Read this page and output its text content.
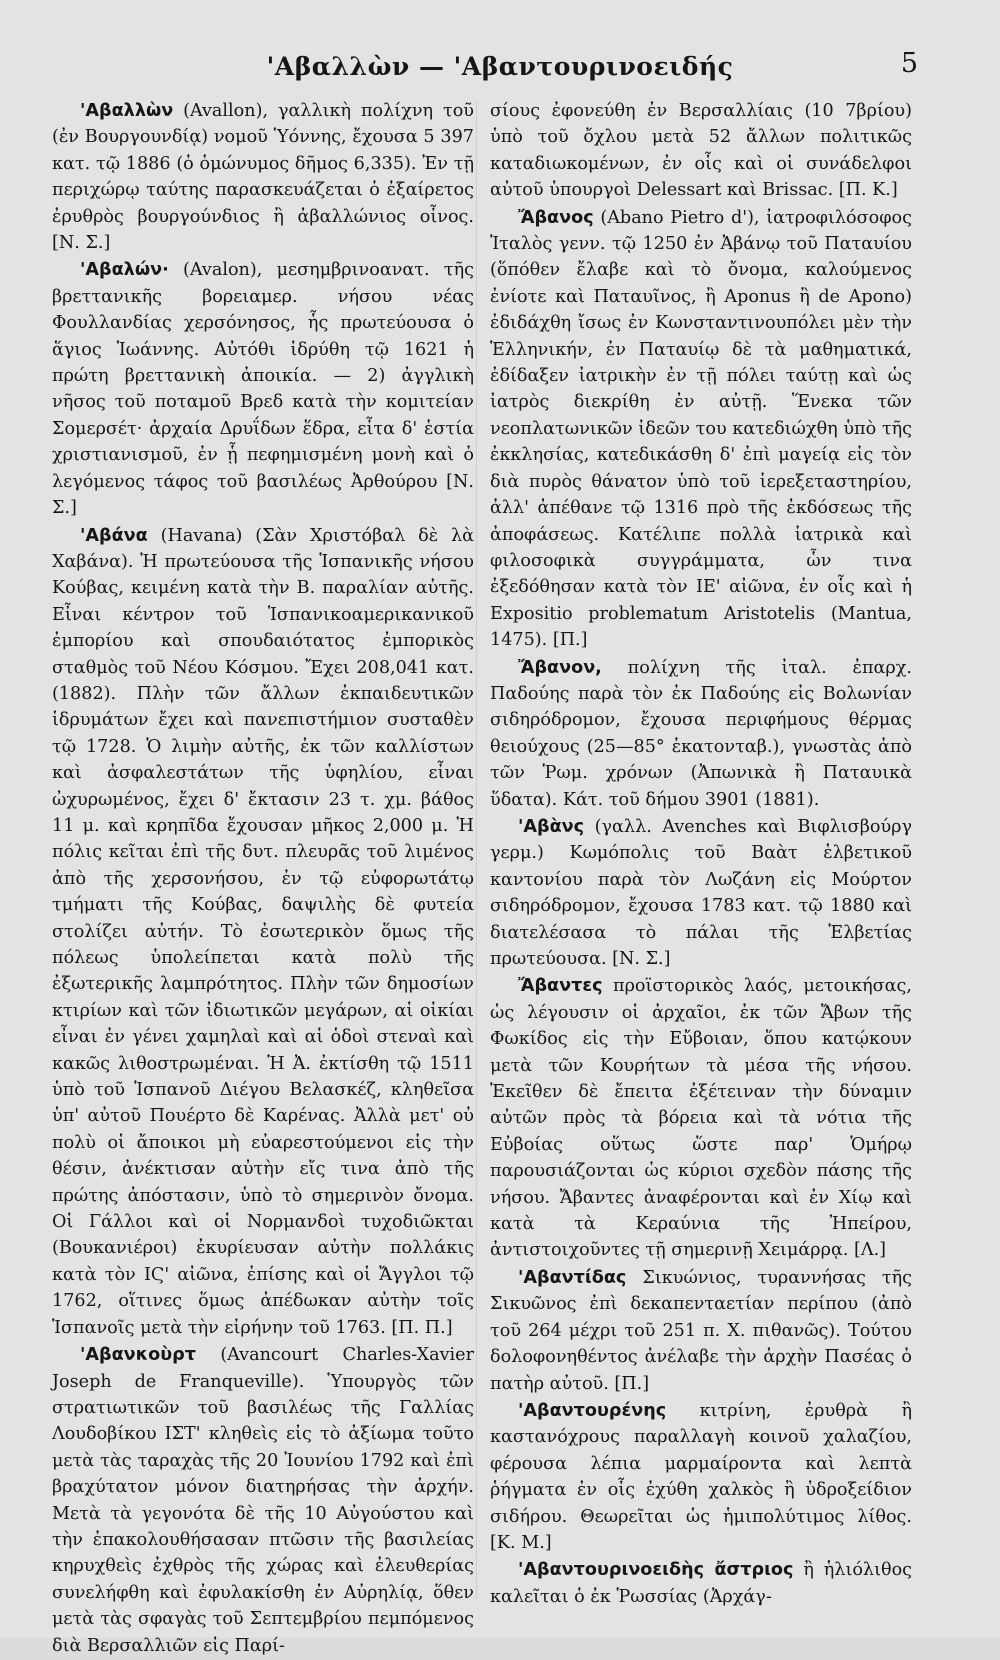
'Αβαλλὼν — 'Αβαντουρινοειδής	5

'Αβαλλὼν (Avallon), γαλλικὴ πολίχνη τοῦ (ἐν Βουργουνδίᾳ) νομοῦ Ὑόννης, ἔχουσα 5 397 κατ. τῷ 1886 (ὁ ὁμώνυμος δῆμος 6,335). Ἐν τῇ περιχώρῳ ταύτης παρασκευάζεται ὁ ἐξαίρετος ἐρυθρὸς βουργούνδιος ἢ ἀβαλλώνιος οἶνος. [Ν. Σ.]

'Αβαλών· (Avalon), μεσημβρινοανατ. τῆς βρεττανικῆς βορειαμερ. νήσου νέας Φουλλανδίας χερσόνησος, ἧς πρωτεύουσα ὁ ἅγιος Ἰωάννης. Αὐτόθι ἱδρύθη τῷ 1621 ἡ πρώτη βρεττανικὴ ἀποικία. — 2) ἀγγλικὴ νῆσος τοῦ ποταμοῦ Βρεδ κατὰ τὴν κομιτείαν Σομερσέτ· ἀρχαία Δρυΐδων ἕδρα, εἶτα δ' ἑστία χριστιανισμοῦ, ἐν ᾗ πεφημισμένη μονὴ καὶ ὁ λεγόμενος τάφος τοῦ βασιλέως Ἀρθούρου [Ν. Σ.]

'Αβάνα (Havana) (Σὰν Χριστόβαλ δὲ λὰ Χαβάνα). Ἡ πρωτεύουσα τῆς Ἱσπανικῆς νήσου Κούβας, κειμένη κατὰ τὴν Β. παραλίαν αὐτῆς. Εἶναι κέντρον τοῦ Ἱσπανικοαμερικανικοῦ ἐμπορίου καὶ σπουδαιότατος ἐμπορικὸς σταθμὸς τοῦ Νέου Κόσμου. Ἔχει 208,041 κατ. (1882). Πλὴν τῶν ἄλλων ἐκπαιδευτικῶν ἱδρυμάτων ἔχει καὶ πανεπιστήμιον συσταθὲν τῷ 1728. Ὁ λιμὴν αὐτῆς, ἐκ τῶν καλλίστων καὶ ἀσφαλεστάτων τῆς ὑφηλίου, εἶναι ὠχυρωμένος, ἔχει δ' ἔκτασιν 23 τ. χμ. βάθος 11 μ. καὶ κρηπῖδα ἔχουσαν μῆκος 2,000 μ. Ἡ πόλις κεῖται ἐπὶ τῆς δυτ. πλευρᾶς τοῦ λιμένος ἀπὸ τῆς χερσονήσου, ἐν τῷ εὐφορωτάτῳ τμήματι τῆς Κούβας, δαψιλὴς δὲ φυτεία στολίζει αὐτήν. Τὸ ἐσωτερικὸν ὅμως τῆς πόλεως ὑπολείπεται κατὰ πολὺ τῆς ἐξωτερικῆς λαμπρότητος. Πλὴν τῶν δημοσίων κτιρίων καὶ τῶν ἰδιωτικῶν μεγάρων, αἱ οἰκίαι εἶναι ἐν γένει χαμηλαὶ καὶ αἱ ὁδοὶ στεναὶ καὶ κακῶς λιθοστρωμέναι. Ἡ Ἀ. ἐκτίσθη τῷ 1511 ὑπὸ τοῦ Ἱσπανοῦ Διέγου Βελασκέζ, κληθεῖσα ὑπ' αὐτοῦ Πουέρτο δὲ Καρένας. Ἀλλὰ μετ' οὐ πολὺ οἱ ἄποικοι μὴ εὐαρεστούμενοι εἰς τὴν θέσιν, ἀνέκτισαν αὐτὴν εἴς τινα ἀπὸ τῆς πρώτης ἀπόστασιν, ὑπὸ τὸ σημερινὸν ὄνομα. Οἱ Γάλλοι καὶ οἱ Νορμανδοὶ τυχοδιῶκται (Βουκανιέροι) ἐκυρίευσαν αὐτὴν πολλάκις κατὰ τὸν ΙϚ' αἰῶνα, ἐπίσης καὶ οἱ Ἄγγλοι τῷ 1762, οἵτινες ὅμως ἀπέδωκαν αὐτὴν τοῖς Ἱσπανοῖς μετὰ τὴν εἰρήνην τοῦ 1763. [Π. Π.]

'Αβανκοὺρτ (Avancourt Charles-Xavier Joseph de Franqueville). Ὑπουργὸς τῶν στρατιωτικῶν τοῦ βασιλέως τῆς Γαλλίας Λουδοβίκου ΙΣΤ' κληθεὶς εἰς τὸ ἀξίωμα τοῦτο μετὰ τὰς ταραχὰς τῆς 20 Ἰουνίου 1792 καὶ ἐπὶ βραχύτατον μόνον διατηρήσας τὴν ἀρχήν. Μετὰ τὰ γεγονότα δὲ τῆς 10 Αὐγούστου καὶ τὴν ἐπακολουθήσασαν πτῶσιν τῆς βασιλείας κηρυχθεὶς ἐχθρὸς τῆς χώρας καὶ ἐλευθερίας συνελήφθη καὶ ἐφυλακίσθη ἐν Αὐρηλίᾳ, ὅθεν μετὰ τὰς σφαγὰς τοῦ Σεπτεμβρίου πεμπόμενος διὰ Βερσαλλιῶν εἰς Παρί-

σίους ἐφονεύθη ἐν Βερσαλλίαις (10 7βρίου) ὑπὸ τοῦ ὄχλου μετὰ 52 ἄλλων πολιτικῶς καταδιωκομένων, ἐν οἷς καὶ οἱ συνάδελφοι αὐτοῦ ὑπουργοὶ Delessart καὶ Brissac. [Π. Κ.]

Ἄβανος (Abano Pietro d'), ἰατροφιλόσοφος Ἰταλὸς γενν. τῷ 1250 ἐν Ἀβάνῳ τοῦ Παταυίου (ὅπόθεν ἔλαβε καὶ τὸ ὄνομα, καλούμενος ἐνίοτε καὶ Παταυῖνος, ἢ Aponus ἢ de Apono) ἐδιδάχθη ἴσως ἐν Κωνσταντινουπόλει μὲν τὴν Ἑλληνικήν, ἐν Παταυίῳ δὲ τὰ μαθηματικά, ἐδίδαξεν ἰατρικὴν ἐν τῇ πόλει ταύτῃ καὶ ὡς ἰατρὸς διεκρίθη ἐν αὐτῇ. Ἕνεκα τῶν νεοπλατωνικῶν ἰδεῶν του κατεδιώχθη ὑπὸ τῆς ἐκκλησίας, κατεδικάσθη δ' ἐπὶ μαγείᾳ εἰς τὸν διὰ πυρὸς θάνατον ὑπὸ τοῦ ἱερεξεταστηρίου, ἀλλ' ἀπέθανε τῷ 1316 πρὸ τῆς ἐκδόσεως τῆς ἀποφάσεως. Κατέλιπε πολλὰ ἰατρικὰ καὶ φιλοσοφικὰ συγγράμματα, ὧν τινα ἐξεδόθησαν κατὰ τὸν ΙΕ' αἰῶνα, ἐν οἷς καὶ ἡ Expositio problematum Aristotelis (Mantua, 1475). [Π.]

Ἄβανον, πολίχνη τῆς ἰταλ. ἐπαρχ. Παδούης παρὰ τὸν ἐκ Παδούης εἰς Βολωνίαν σιδηρόδρομον, ἔχουσα περιφήμους θέρμας θειούχους (25—85° ἑκατονταβ.), γνωστὰς ἀπὸ τῶν Ῥωμ. χρόνων (Ἀπωνικὰ ἢ Παταυικὰ ὕδατα). Κάτ. τοῦ δήμου 3901 (1881).

'Αβὰνς (γαλλ. Avenches καὶ Βιφλισβούργ γερμ.) Κωμόπολις τοῦ Βαὰτ ἑλβετικοῦ καντονίου παρὰ τὸν Λωζάνη εἰς Μούρτον σιδηρόδρομον, ἔχουσα 1783 κατ. τῷ 1880 καὶ διατελέσασα τὸ πάλαι τῆς Ἑλβετίας πρωτεύουσα. [Ν. Σ.]

Ἄβαντες προϊστορικὸς λαός, μετοικήσας, ὡς λέγουσιν οἱ ἀρχαῖοι, ἐκ τῶν Ἄβων τῆς Φωκίδος εἰς τὴν Εὔβοιαν, ὅπου κατῴκουν μετὰ τῶν Κουρήτων τὰ μέσα τῆς νήσου. Ἐκεῖθεν δὲ ἔπειτα ἐξέτειναν τὴν δύναμιν αὐτῶν πρὸς τὰ βόρεια καὶ τὰ νότια τῆς Εὐβοίας οὕτως ὥστε παρ' Ὁμήρῳ παρουσιάζονται ὡς κύριοι σχεδὸν πάσης τῆς νήσου. Ἄβαντες ἀναφέρονται καὶ ἐν Χίῳ καὶ κατὰ τὰ Κεραύνια τῆς Ἠπείρου, ἀντιστοιχοῦντες τῇ σημερινῇ Χειμάρρᾳ. [Λ.]

'Αβαντίδας Σικυώνιος, τυραννήσας τῆς Σικυῶνος ἐπὶ δεκαπενταετίαν περίπου (ἀπὸ τοῦ 264 μέχρι τοῦ 251 π. Χ. πιθανῶς). Τούτου δολοφονηθέντος ἀνέλαβε τὴν ἀρχὴν Πασέας ὁ πατὴρ αὐτοῦ. [Π.]

'Αβαντουρένης κιτρίνη, ἐρυθρὰ ἢ καστανόχρους παραλλαγὴ κοινοῦ χαλαζίου, φέρουσα λέπια μαρμαίροντα καὶ λεπτὰ ῥήγματα ἐν οἷς ἐχύθη χαλκὸς ἢ ὑδροξείδιον σιδήρου. Θεωρεῖται ὡς ἡμιπολύτιμος λίθος. [Κ. Μ.]

'Αβαντουρινοειδὴς ἄστριος ἢ ἡλιόλιθος καλεῖται ὁ ἐκ Ῥωσσίας (Ἀρχάγ-
